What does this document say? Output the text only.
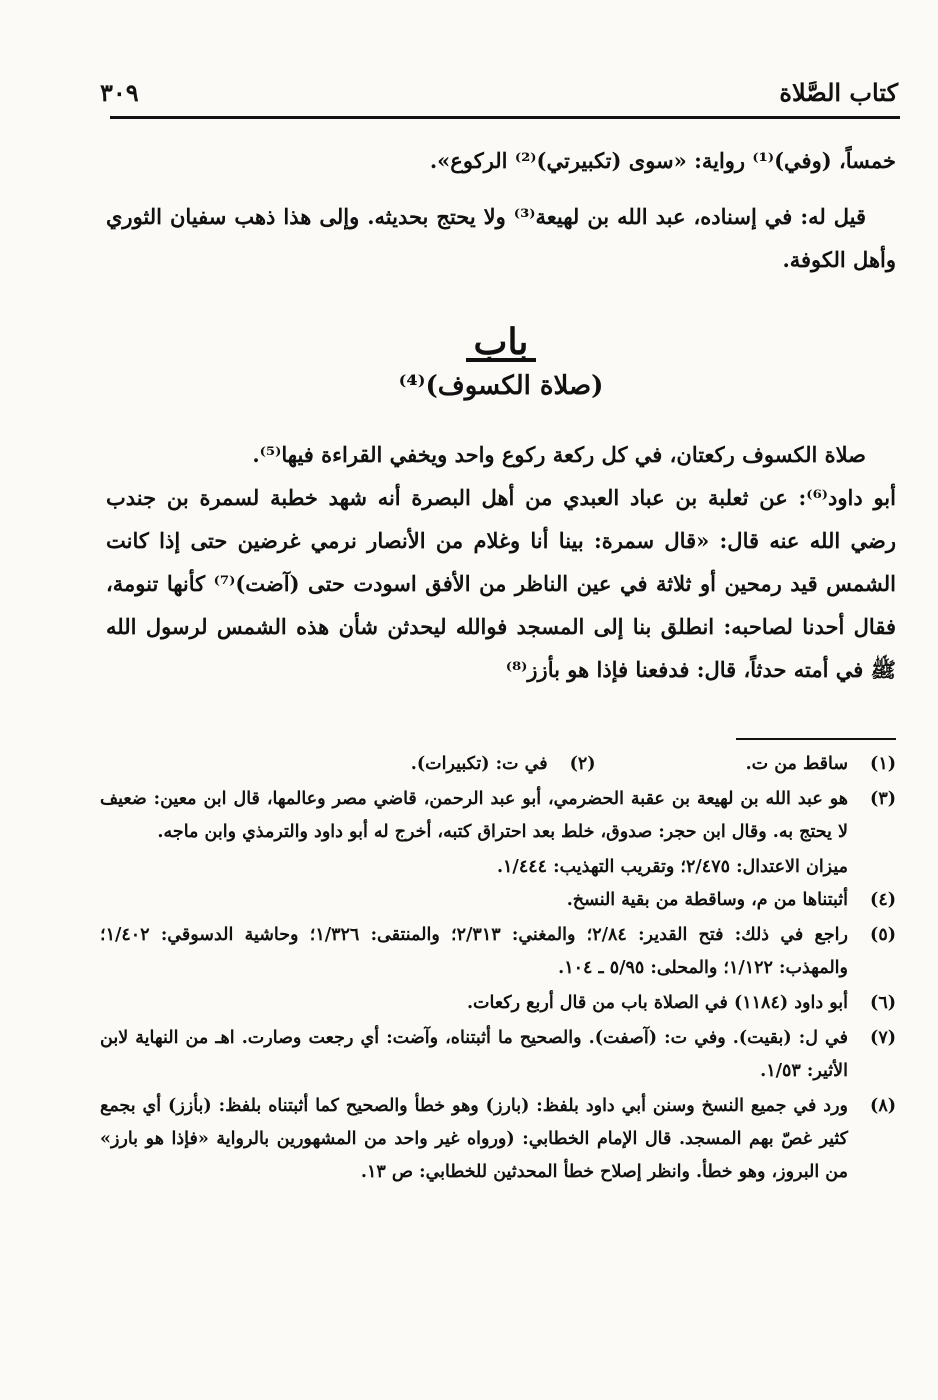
٣٠٩	كتاب الصَّلاة
خمساً، (وفي)⁽¹⁾ رواية: «سوى (تكبيرتي)⁽²⁾ الركوع».
قيل له: في إسناده، عبد الله بن لهيعة⁽³⁾ ولا يحتج بحديثه. وإلى هذا ذهب سفيان الثوري وأهل الكوفة.
باب
(صلاة الكسوف)⁽⁴⁾

صلاة الكسوف ركعتان، في كل ركعة ركوع واحد ويخفي القراءة فيها⁽⁵⁾.

أبو داود⁽⁶⁾: عن ثعلبة بن عباد العبدي من أهل البصرة أنه شهد خطبة لسمرة بن جندب رضي الله عنه قال: «قال سمرة: بينا أنا وغلام من الأنصار نرمي غرضين حتى إذا كانت الشمس قيد رمحين أو ثلاثة في عين الناظر من الأفق اسودت حتى (آضت)⁽⁷⁾ كأنها تنومة، فقال أحدنا لصاحبه: انطلق بنا إلى المسجد فوالله ليحدثن شأن هذه الشمس لرسول الله ﷺ في أمته حدثاً، قال: فدفعنا فإذا هو بأزز⁽⁸⁾

(١)
ساقط من ت.
(٢)
في ت: (تكبيرات).
(٣)
هو عبد الله بن لهيعة بن عقبة الحضرمي، أبو عبد الرحمن، قاضي مصر وعالمها، قال ابن معين: ضعيف لا يحتج به. وقال ابن حجر: صدوق، خلط بعد احتراق كتبه، أخرج له أبو داود والترمذي وابن ماجه.
ميزان الاعتدال: ٢/٤٧٥؛ وتقريب التهذيب: ١/٤٤٤.
(٤)
أثبتناها من م، وساقطة من بقية النسخ.
(٥)
راجع في ذلك: فتح القدير: ٢/٨٤؛ والمغني: ٢/٣١٣؛ والمنتقى: ١/٣٢٦؛ وحاشية الدسوقي: ١/٤٠٢؛ والمهذب: ١/١٢٢؛ والمحلى: ٥/٩٥ ـ ١٠٤.
(٦)
أبو داود (١١٨٤) في الصلاة باب من قال أربع ركعات.
(٧)
في ل: (بقيت). وفي ت: (آصفت). والصحيح ما أثبتناه، وآضت: أي رجعت وصارت. اهـ من النهاية لابن الأثير: ١/٥٣.
(٨)
ورد في جميع النسخ وسنن أبي داود بلفظ: (بارز) وهو خطأ والصحيح كما أثبتناه بلفظ: (بأزز) أي بجمع كثير غصّ بهم المسجد. قال الإمام الخطابي: (ورواه غير واحد من المشهورين بالرواية «فإذا هو بارز» من البروز، وهو خطأ. وانظر إصلاح خطأ المحدثين للخطابي: ص ١٣.
